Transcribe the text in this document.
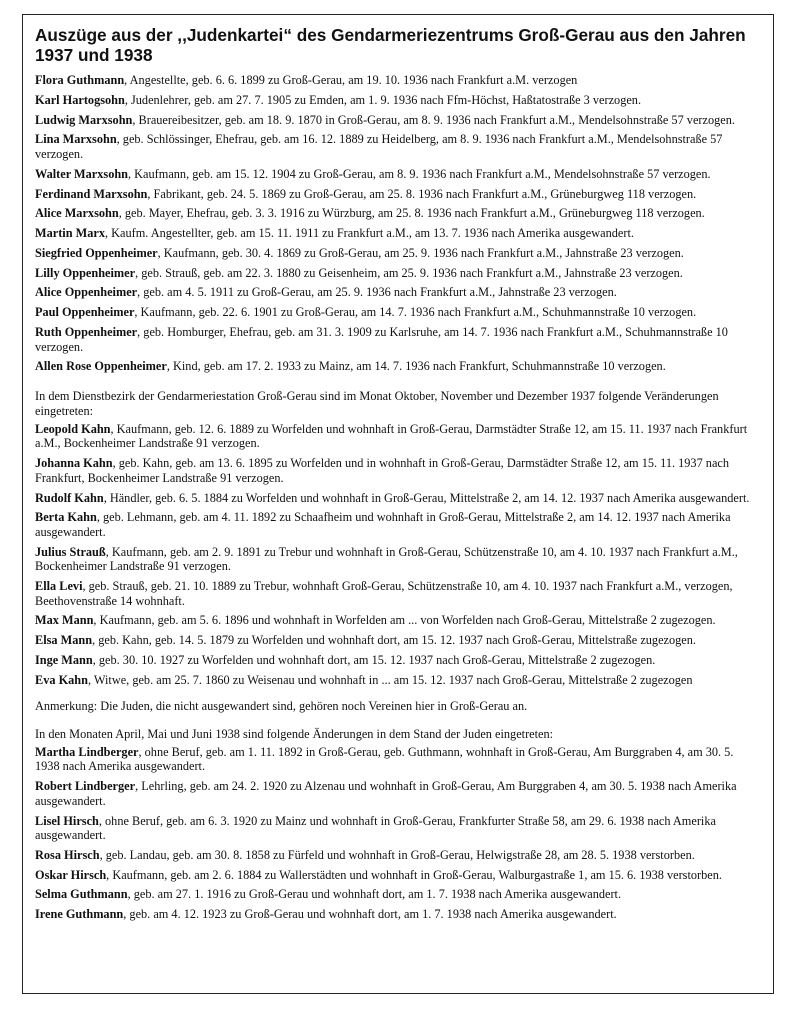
Auszüge aus der ,,Judenkartei“ des Gendarmeriezentrums Groß-Gerau aus den Jahren 1937 und 1938
Flora Guthmann, Angestellte, geb. 6. 6. 1899 zu Groß-Gerau, am 19. 10. 1936 nach Frankfurt a.M. verzogen
Karl Hartogsohn, Judenlehrer, geb. am 27. 7. 1905 zu Emden, am 1. 9. 1936 nach Ffm-Höchst, Haßtatostraße 3 verzogen.
Ludwig Marxsohn, Brauereibesitzer, geb. am 18. 9. 1870 in Groß-Gerau, am 8. 9. 1936 nach Frankfurt a.M., Mendelsohnstraße 57 verzogen.
Lina Marxsohn, geb. Schlössinger, Ehefrau, geb. am 16. 12. 1889 zu Heidelberg, am 8. 9. 1936 nach Frankfurt a.M., Mendelsohnstraße 57 verzogen.
Walter Marxsohn, Kaufmann, geb. am 15. 12. 1904 zu Groß-Gerau, am 8. 9. 1936 nach Frankfurt a.M., Mendelsohnstraße 57 verzogen.
Ferdinand Marxsohn, Fabrikant, geb. 24. 5. 1869 zu Groß-Gerau, am 25. 8. 1936 nach Frankfurt a.M., Grüneburgweg 118 verzogen.
Alice Marxsohn, geb. Mayer, Ehefrau, geb. 3. 3. 1916 zu Würzburg, am 25. 8. 1936 nach Frankfurt a.M., Grüneburgweg 118 verzogen.
Martin Marx, Kaufm. Angestellter, geb. am 15. 11. 1911 zu Frankfurt a.M., am 13. 7. 1936 nach Amerika ausgewandert.
Siegfried Oppenheimer, Kaufmann, geb. 30. 4. 1869 zu Groß-Gerau, am 25. 9. 1936 nach Frankfurt a.M., Jahnstraße 23 verzogen.
Lilly Oppenheimer, geb. Strauß, geb. am 22. 3. 1880 zu Geisenheim, am 25. 9. 1936 nach Frankfurt a.M., Jahnstraße 23 verzogen.
Alice Oppenheimer, geb. am 4. 5. 1911 zu Groß-Gerau, am 25. 9. 1936 nach Frankfurt a.M., Jahnstraße 23 verzogen.
Paul Oppenheimer, Kaufmann, geb. 22. 6. 1901 zu Groß-Gerau, am 14. 7. 1936 nach Frankfurt a.M., Schuhmannstraße 10 verzogen.
Ruth Oppenheimer, geb. Homburger, Ehefrau, geb. am 31. 3. 1909 zu Karlsruhe, am 14. 7. 1936 nach Frankfurt a.M., Schuhmannstraße 10 verzogen.
Allen Rose Oppenheimer, Kind, geb. am 17. 2. 1933 zu Mainz, am 14. 7. 1936 nach Frankfurt, Schuhmannstraße 10 verzogen.
In dem Dienstbezirk der Gendarmeriestation Groß-Gerau sind im Monat Oktober, November und Dezember 1937 folgende Veränderungen eingetreten:
Leopold Kahn, Kaufmann, geb. 12. 6. 1889 zu Worfelden und wohnhaft in Groß-Gerau, Darmstädter Straße 12, am 15. 11. 1937 nach Frankfurt a.M., Bockenheimer Landstraße 91 verzogen.
Johanna Kahn, geb. Kahn, geb. am 13. 6. 1895 zu Worfelden und in wohnhaft in Groß-Gerau, Darmstädter Straße 12, am 15. 11. 1937 nach Frankfurt, Bockenheimer Landstraße 91 verzogen.
Rudolf Kahn, Händler, geb. 6. 5. 1884 zu Worfelden und wohnhaft in Groß-Gerau, Mittelstraße 2, am 14. 12. 1937 nach Amerika ausgewandert.
Berta Kahn, geb. Lehmann, geb. am 4. 11. 1892 zu Schaafheim und wohnhaft in Groß-Gerau, Mittelstraße 2, am 14. 12. 1937 nach Amerika ausgewandert.
Julius Strauß, Kaufmann, geb. am 2. 9. 1891 zu Trebur und wohnhaft in Groß-Gerau, Schützenstraße 10, am 4. 10. 1937 nach Frankfurt a.M., Bockenheimer Landstraße 91 verzogen.
Ella Levi, geb. Strauß, geb. 21. 10. 1889 zu Trebur, wohnhaft Groß-Gerau, Schützenstraße 10, am 4. 10. 1937 nach Frankfurt a.M., verzogen, Beethovenstraße 14 wohnhaft.
Max Mann, Kaufmann, geb. am 5. 6. 1896 und wohnhaft in Worfelden am ... von Worfelden nach Groß-Gerau, Mittelstraße 2 zugezogen.
Elsa Mann, geb. Kahn, geb. 14. 5. 1879 zu Worfelden und wohnhaft dort, am 15. 12. 1937 nach Groß-Gerau, Mittelstraße zugezogen.
Inge Mann, geb. 30. 10. 1927 zu Worfelden und wohnhaft dort, am 15. 12. 1937 nach Groß-Gerau, Mittelstraße 2 zugezogen.
Eva Kahn, Witwe, geb. am 25. 7. 1860 zu Weisenau und wohnhaft in ... am 15. 12. 1937 nach Groß-Gerau, Mittelstraße 2 zugezogen
Anmerkung: Die Juden, die nicht ausgewandert sind, gehören noch Vereinen hier in Groß-Gerau an.
In den Monaten April, Mai und Juni 1938 sind folgende Änderungen in dem Stand der Juden eingetreten:
Martha Lindberger, ohne Beruf, geb. am 1. 11. 1892 in Groß-Gerau, geb. Guthmann, wohnhaft in Groß-Gerau, Am Burggraben 4, am 30. 5. 1938 nach Amerika ausgewandert.
Robert Lindberger, Lehrling, geb. am 24. 2. 1920 zu Alzenau und wohnhaft in Groß-Gerau, Am Burggraben 4, am 30. 5. 1938 nach Amerika ausgewandert.
Lisel Hirsch, ohne Beruf, geb. am 6. 3. 1920 zu Mainz und wohnhaft in Groß-Gerau, Frankfurter Straße 58, am 29. 6. 1938 nach Amerika ausgewandert.
Rosa Hirsch, geb. Landau, geb. am 30. 8. 1858 zu Fürfeld und wohnhaft in Groß-Gerau, Helwigstraße 28, am 28. 5. 1938 verstorben.
Oskar Hirsch, Kaufmann, geb. am 2. 6. 1884 zu Wallerstädten und wohnhaft in Groß-Gerau, Walburgastraße 1, am 15. 6. 1938 verstorben.
Selma Guthmann, geb. am 27. 1. 1916 zu Groß-Gerau und wohnhaft dort, am 1. 7. 1938 nach Amerika ausgewandert.
Irene Guthmann, geb. am 4. 12. 1923 zu Groß-Gerau und wohnhaft dort, am 1. 7. 1938 nach Amerika ausgewandert.
